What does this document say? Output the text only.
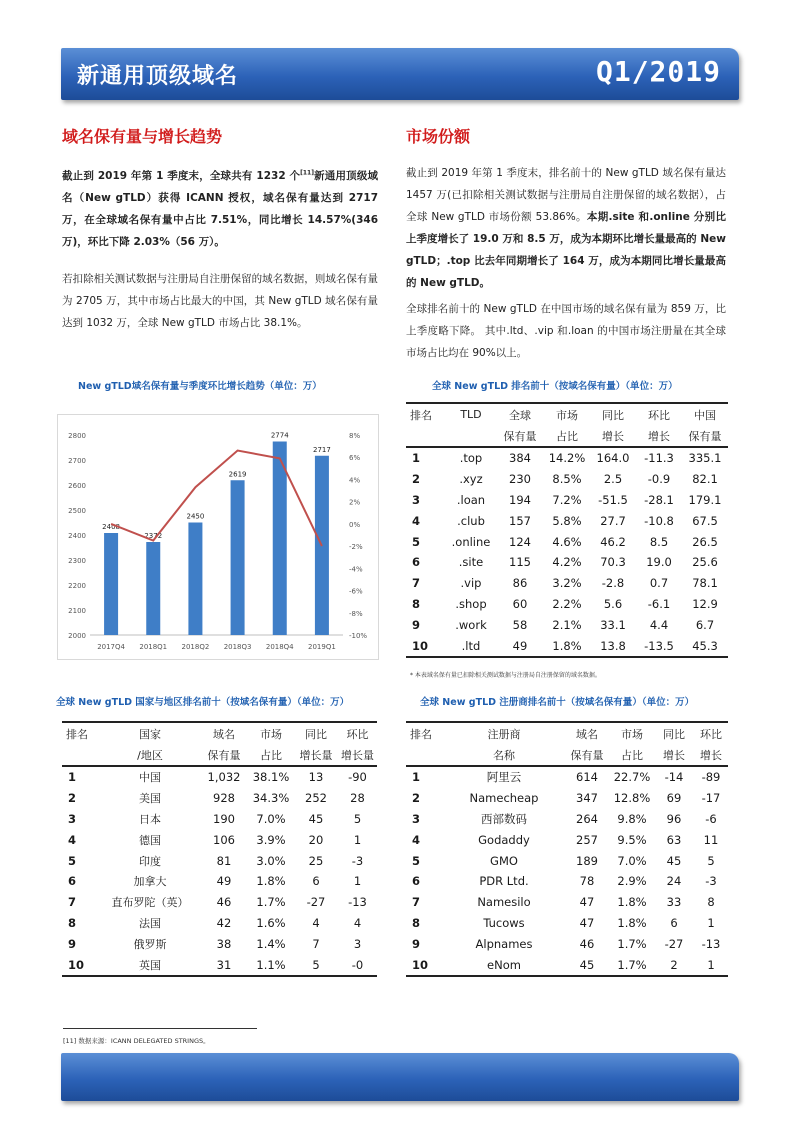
新通用顶级域名	Q1/2019
域名保有量与增长趋势
截止到 2019 年第 1 季度末，全球共有 1232 个[11]新通用顶级域名（New gTLD）获得 ICANN 授权，域名保有量达到 2717 万，在全球域名保有量中占比 7.51%，同比增长 14.57%(346 万)，环比下降 2.03%（56 万）。
若扣除相关测试数据与注册局自注册保留的域名数据，则域名保有量为 2705 万，其中市场占比最大的中国，其 New gTLD 域名保有量达到 1032 万，全球 New gTLD 市场占比 38.1%。
市场份额
截止到 2019 年第 1 季度末，排名前十的 New gTLD 域名保有量达 1457 万(已扣除相关测试数据与注册局自注册保留的域名数据），占全球 New gTLD 市场份额 53.86%。本期.site 和.online 分别比上季度增长了 19.0 万和 8.5 万，成为本期环比增长量最高的 New gTLD；.top 比去年同期增长了 164 万，成为本期同比增长量最高的 New gTLD。
全球排名前十的 New gTLD 在中国市场的域名保有量为 859 万，比上季度略下降。 其中.ltd、.vip 和.loan 的中国市场注册量在其全球市场占比均在 90%以上。
New gTLD域名保有量与季度环比增长趋势（单位：万）
2000
2100
2200
2300
2400
2500
2600
2700
2800
-10%
-8%
-6%
-4%
-2%
0%
2%
4%
6%
8%
2408
2017Q4
2372
2018Q1
2450
2018Q2
2619
2018Q3
2774
2018Q4
2717
2019Q1
全球 New gTLD 排名前十（按域名保有量）（单位：万）
排名	TLD	全球	市场	同比	环比	中国
		保有量	占比	增长	增长	保有量
1	.top	384	14.2%	164.0	-11.3	335.1
2	.xyz	230	8.5%	2.5	-0.9	82.1
3	.loan	194	7.2%	-51.5	-28.1	179.1
4	.club	157	5.8%	27.7	-10.8	67.5
5	.online	124	4.6%	46.2	8.5	26.5
6	.site	115	4.2%	70.3	19.0	25.6
7	.vip	86	3.2%	-2.8	0.7	78.1
8	.shop	60	2.2%	5.6	-6.1	12.9
9	.work	58	2.1%	33.1	4.4	6.7
10	.ltd	49	1.8%	13.8	-13.5	45.3
* 本表域名保有量已扣除相关测试数据与注册局自注册保留的域名数据。
全球 New gTLD 国家与地区排名前十（按域名保有量）（单位：万）
排名	国家	域名	市场	同比	环比
	/地区	保有量	占比	增长量	增长量
1	中国	1,032	38.1%	13	-90
2	美国	928	34.3%	252	28
3	日本	190	7.0%	45	5
4	德国	106	3.9%	20	1
5	印度	81	3.0%	25	-3
6	加拿大	49	1.8%	6	1
7	直布罗陀（英）	46	1.7%	-27	-13
8	法国	42	1.6%	4	4
9	俄罗斯	38	1.4%	7	3
10	英国	31	1.1%	5	-0
全球 New gTLD 注册商排名前十（按域名保有量）（单位：万）
排名	注册商	域名	市场	同比	环比
	名称	保有量	占比	增长	增长
1	阿里云	614	22.7%	-14	-89
2	Namecheap	347	12.8%	69	-17
3	西部数码	264	9.8%	96	-6
4	Godaddy	257	9.5%	63	11
5	GMO	189	7.0%	45	5
6	PDR Ltd.	78	2.9%	24	-3
7	Namesilo	47	1.8%	33	8
8	Tucows	47	1.8%	6	1
9	Alpnames	46	1.7%	-27	-13
10	eNom	45	1.7%	2	1
[11] 数据来源：ICANN DELEGATED STRINGS。
